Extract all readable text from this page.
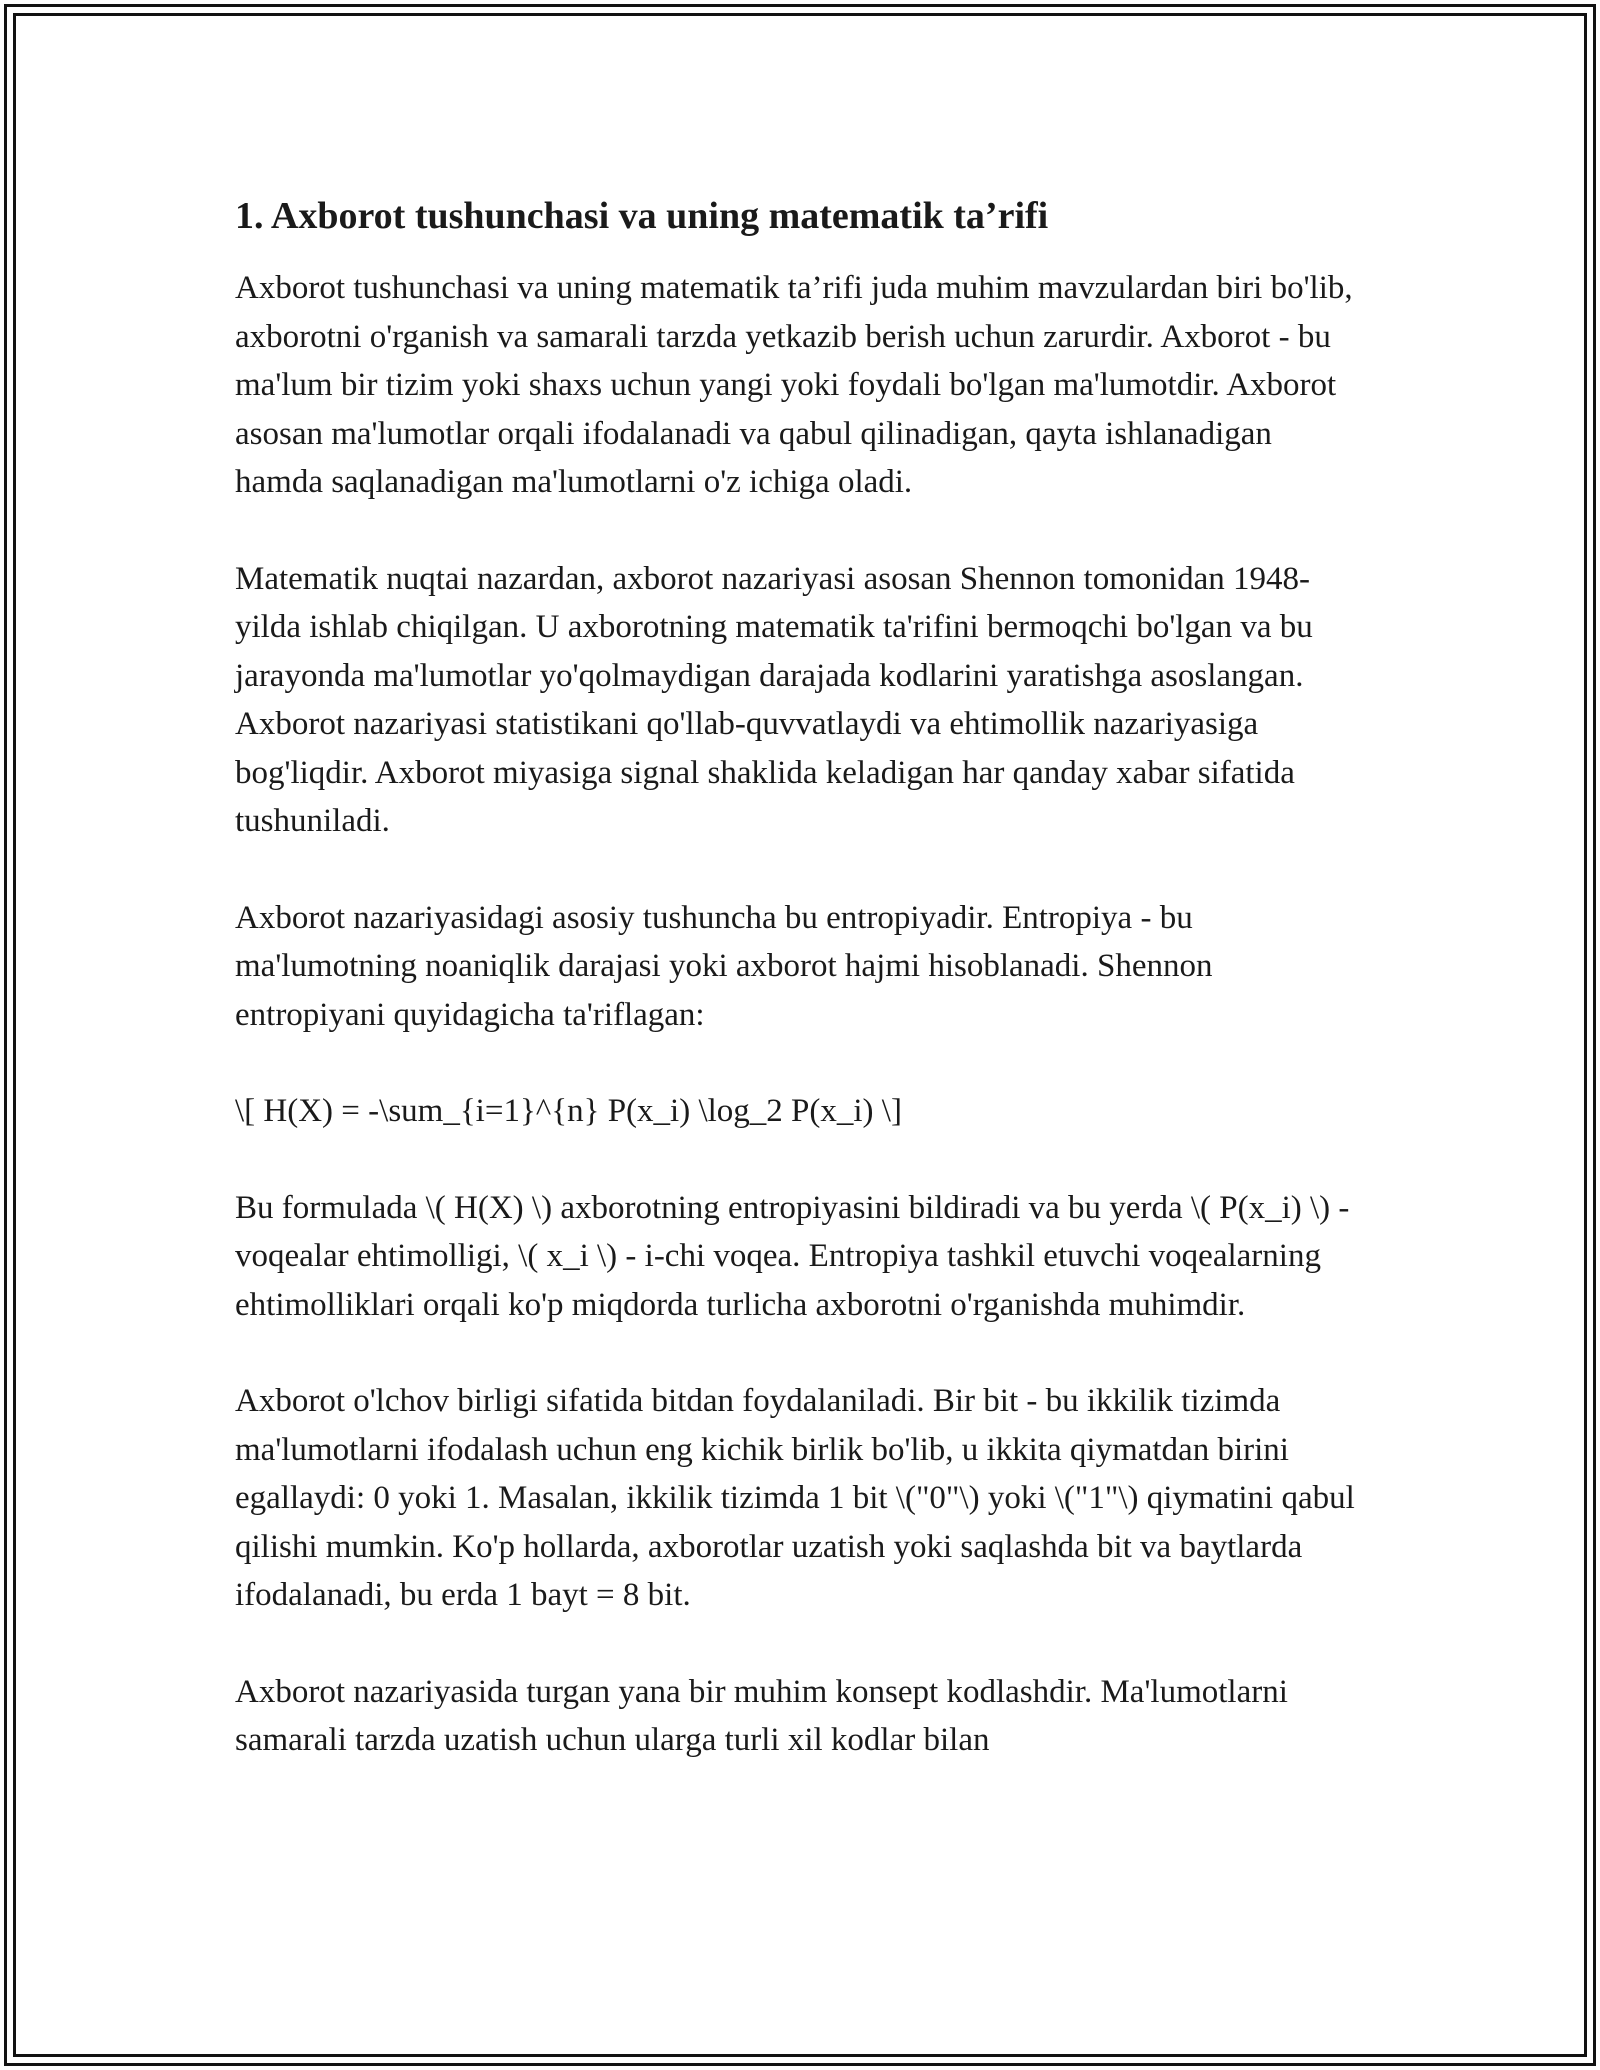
1. Axborot tushunchasi va uning matematik ta’rifi

Axborot tushunchasi va uning matematik ta’rifi juda muhim mavzulardan biri bo'lib, axborotni o'rganish va samarali tarzda yetkazib berish uchun zarurdir. Axborot - bu ma'lum bir tizim yoki shaxs uchun yangi yoki foydali bo'lgan ma'lumotdir. Axborot asosan ma'lumotlar orqali ifodalanadi va qabul qilinadigan, qayta ishlanadigan hamda saqlanadigan ma'lumotlarni o'z ichiga oladi.

Matematik nuqtai nazardan, axborot nazariyasi asosan Shennon tomonidan 1948-yilda ishlab chiqilgan. U axborotning matematik ta'rifini bermoqchi bo'lgan va bu jarayonda ma'lumotlar yo'qolmaydigan darajada kodlarini yaratishga asoslangan. Axborot nazariyasi statistikani qo'llab-quvvatlaydi va ehtimollik nazariyasiga bog'liqdir. Axborot miyasiga signal shaklida keladigan har qanday xabar sifatida tushuniladi.

Axborot nazariyasidagi asosiy tushuncha bu entropiyadir. Entropiya - bu ma'lumotning noaniqlik darajasi yoki axborot hajmi hisoblanadi. Shennon entropiyani quyidagicha ta'riflagan:

\[ H(X) = -\sum_{i=1}^{n} P(x_i) \log_2 P(x_i) \]

Bu formulada \( H(X) \) axborotning entropiyasini bildiradi va bu yerda \( P(x_i) \) - voqealar ehtimolligi, \( x_i \) - i-chi voqea. Entropiya tashkil etuvchi voqealarning ehtimolliklari orqali ko'p miqdorda turlicha axborotni o'rganishda muhimdir.

Axborot o'lchov birligi sifatida bitdan foydalaniladi. Bir bit - bu ikkilik tizimda ma'lumotlarni ifodalash uchun eng kichik birlik bo'lib, u ikkita qiymatdan birini egallaydi: 0 yoki 1. Masalan, ikkilik tizimda 1 bit \("0"\) yoki \("1"\) qiymatini qabul qilishi mumkin. Ko'p hollarda, axborotlar uzatish yoki saqlashda bit va baytlarda ifodalanadi, bu erda 1 bayt = 8 bit.

Axborot nazariyasida turgan yana bir muhim konsept kodlashdir. Ma'lumotlarni samarali tarzda uzatish uchun ularga turli xil kodlar bilan
